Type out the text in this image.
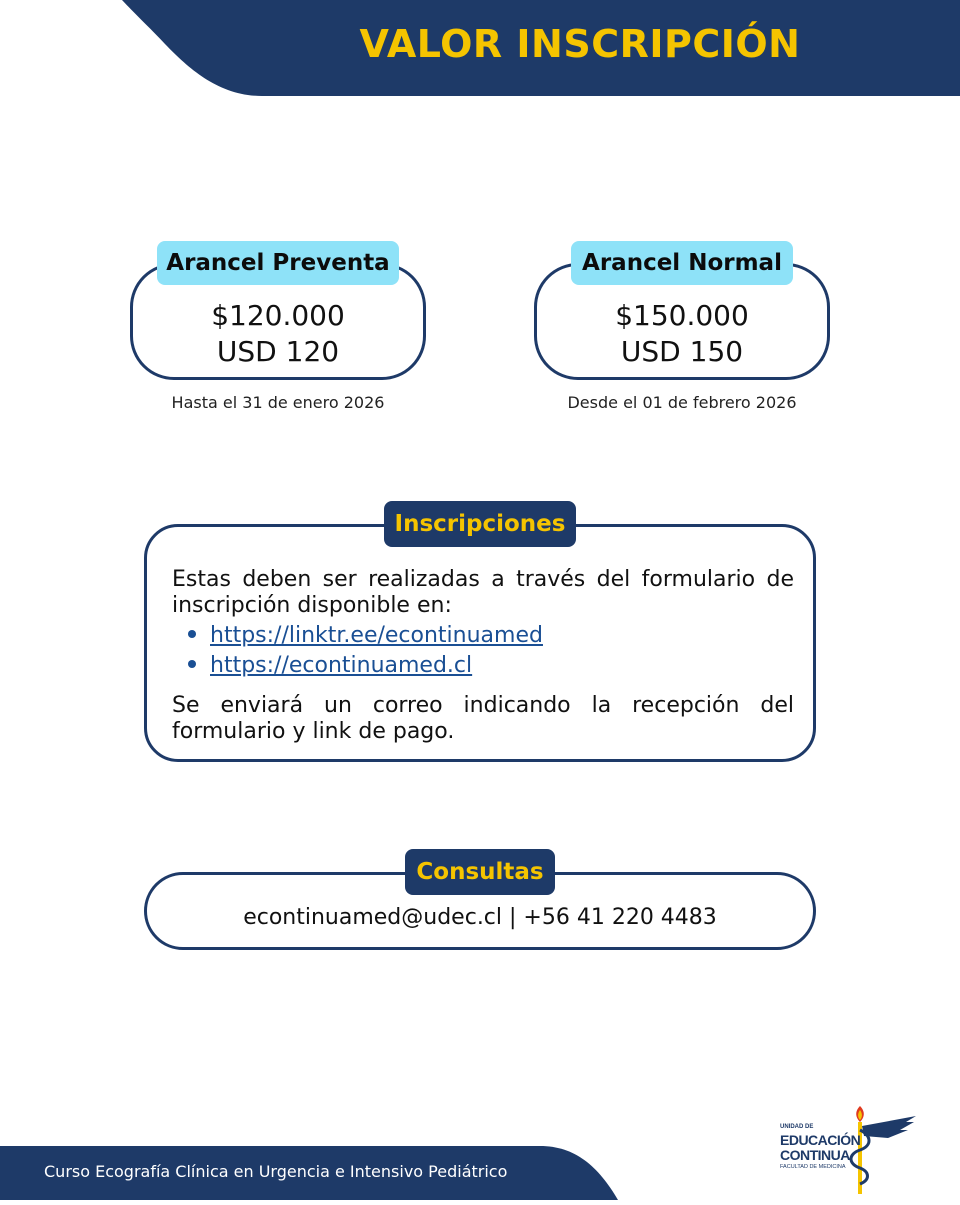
VALOR INSCRIPCIÓN
$120.000
USD 120
Arancel Preventa
Hasta el 31 de enero 2026
$150.000
USD 150
Arancel Normal
Desde el 01 de febrero 2026
Estas deben ser realizadas a través del formulario de inscripción disponible en:
https://linktr.ee/econtinuamed
https://econtinuamed.cl
Se enviará un correo indicando la recepción del formulario y link de pago.
Inscripciones
econtinuamed@udec.cl | +56 41 220 4483
Consultas
Curso Ecografía Clínica en Urgencia e Intensivo Pediátrico
UNIDAD DE
EDUCACIÓN
CONTINUA
FACULTAD DE MEDICINA
